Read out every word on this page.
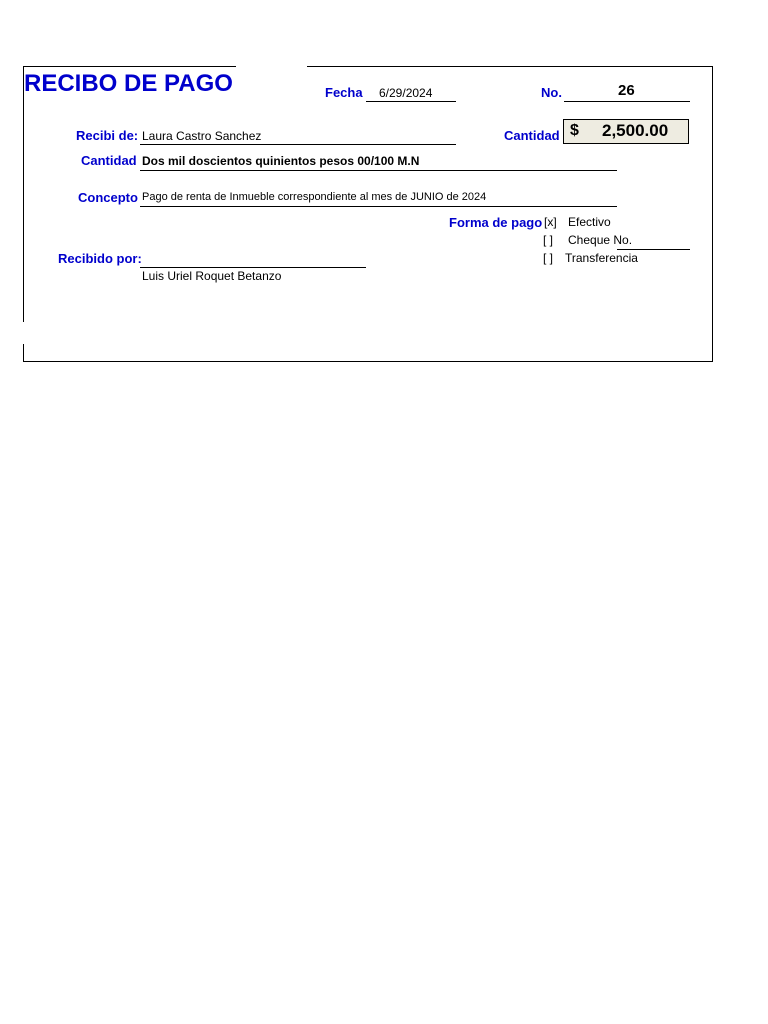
RECIBO DE PAGO	Fecha 6/29/2024	No.	26
Recibi de: Laura Castro Sanchez	Cantidad $ 2,500.00
Cantidad Dos mil doscientos quinientos pesos 00/100 M.N
Concepto Pago de renta de Inmueble correspondiente al mes de JUNIO de 2024
Forma de pago [x] Efectivo
[ ] Cheque No.
[ ] Transferencia
Recibido por:
Luis Uriel Roquet Betanzo
